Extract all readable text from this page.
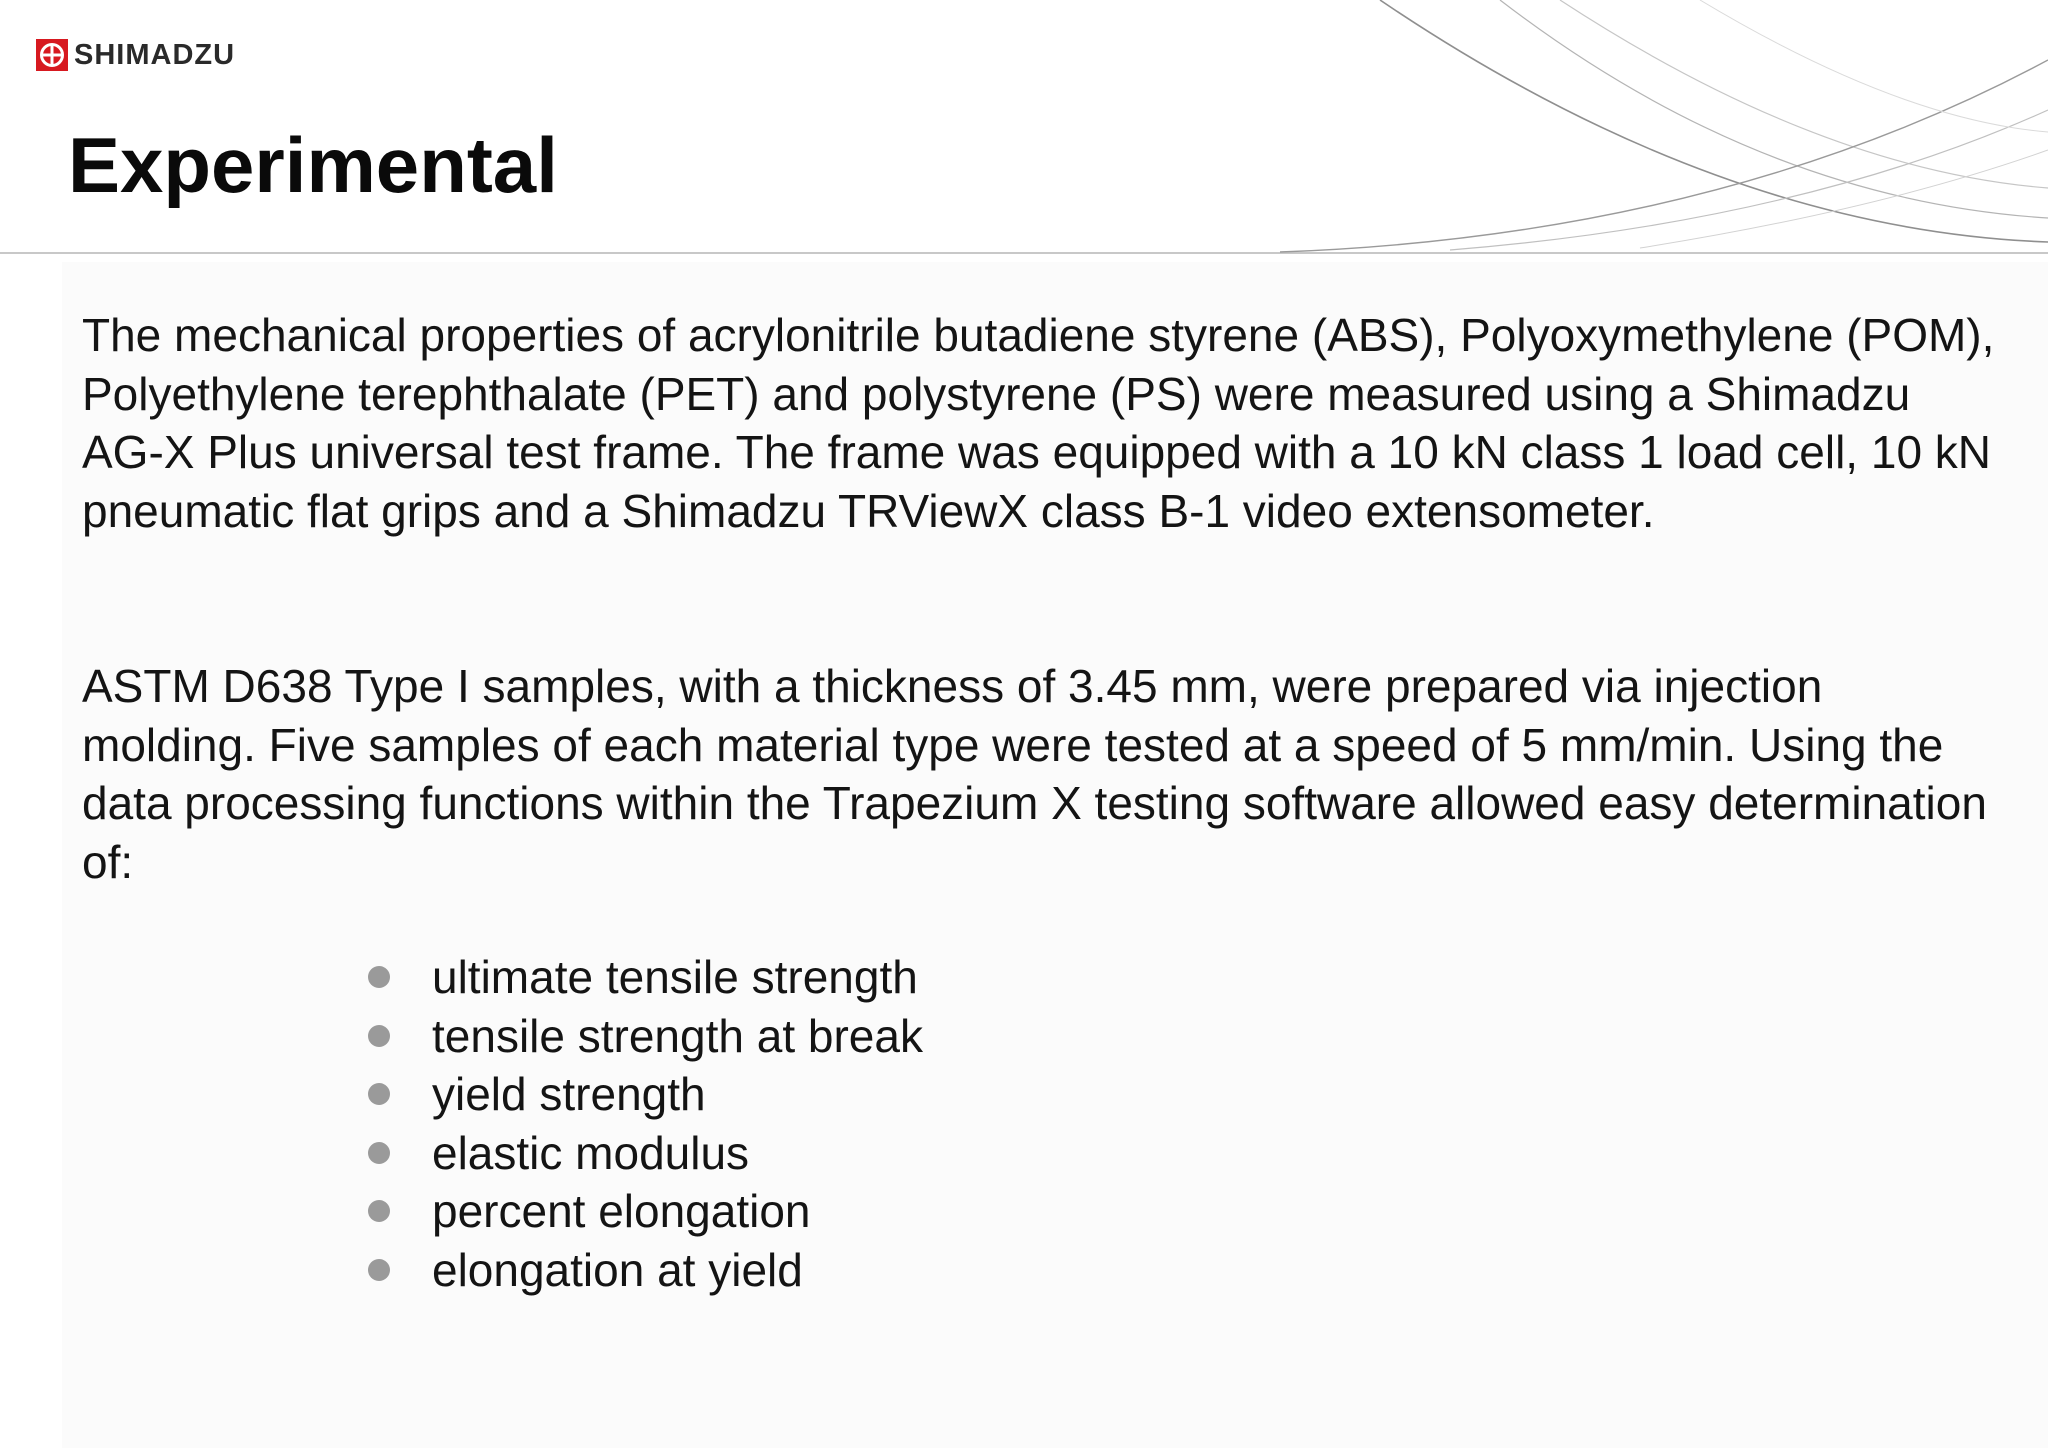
SHIMADZU
Experimental

The mechanical properties of acrylonitrile butadiene styrene (ABS), Polyoxymethylene (POM), Polyethylene terephthalate (PET) and polystyrene (PS) were measured using a Shimadzu AG-X Plus universal test frame. The frame was equipped with a 10 kN class 1 load cell, 10 kN pneumatic flat grips and a Shimadzu TRViewX class B-1 video extensometer.

ASTM D638 Type I samples, with a thickness of 3.45 mm, were prepared via injection molding. Five samples of each material type were tested at a speed of 5 mm/min. Using the data processing functions within the Trapezium X testing software allowed easy determination of:

ultimate tensile strength
tensile strength at break
yield strength
elastic modulus
percent elongation
elongation at yield
